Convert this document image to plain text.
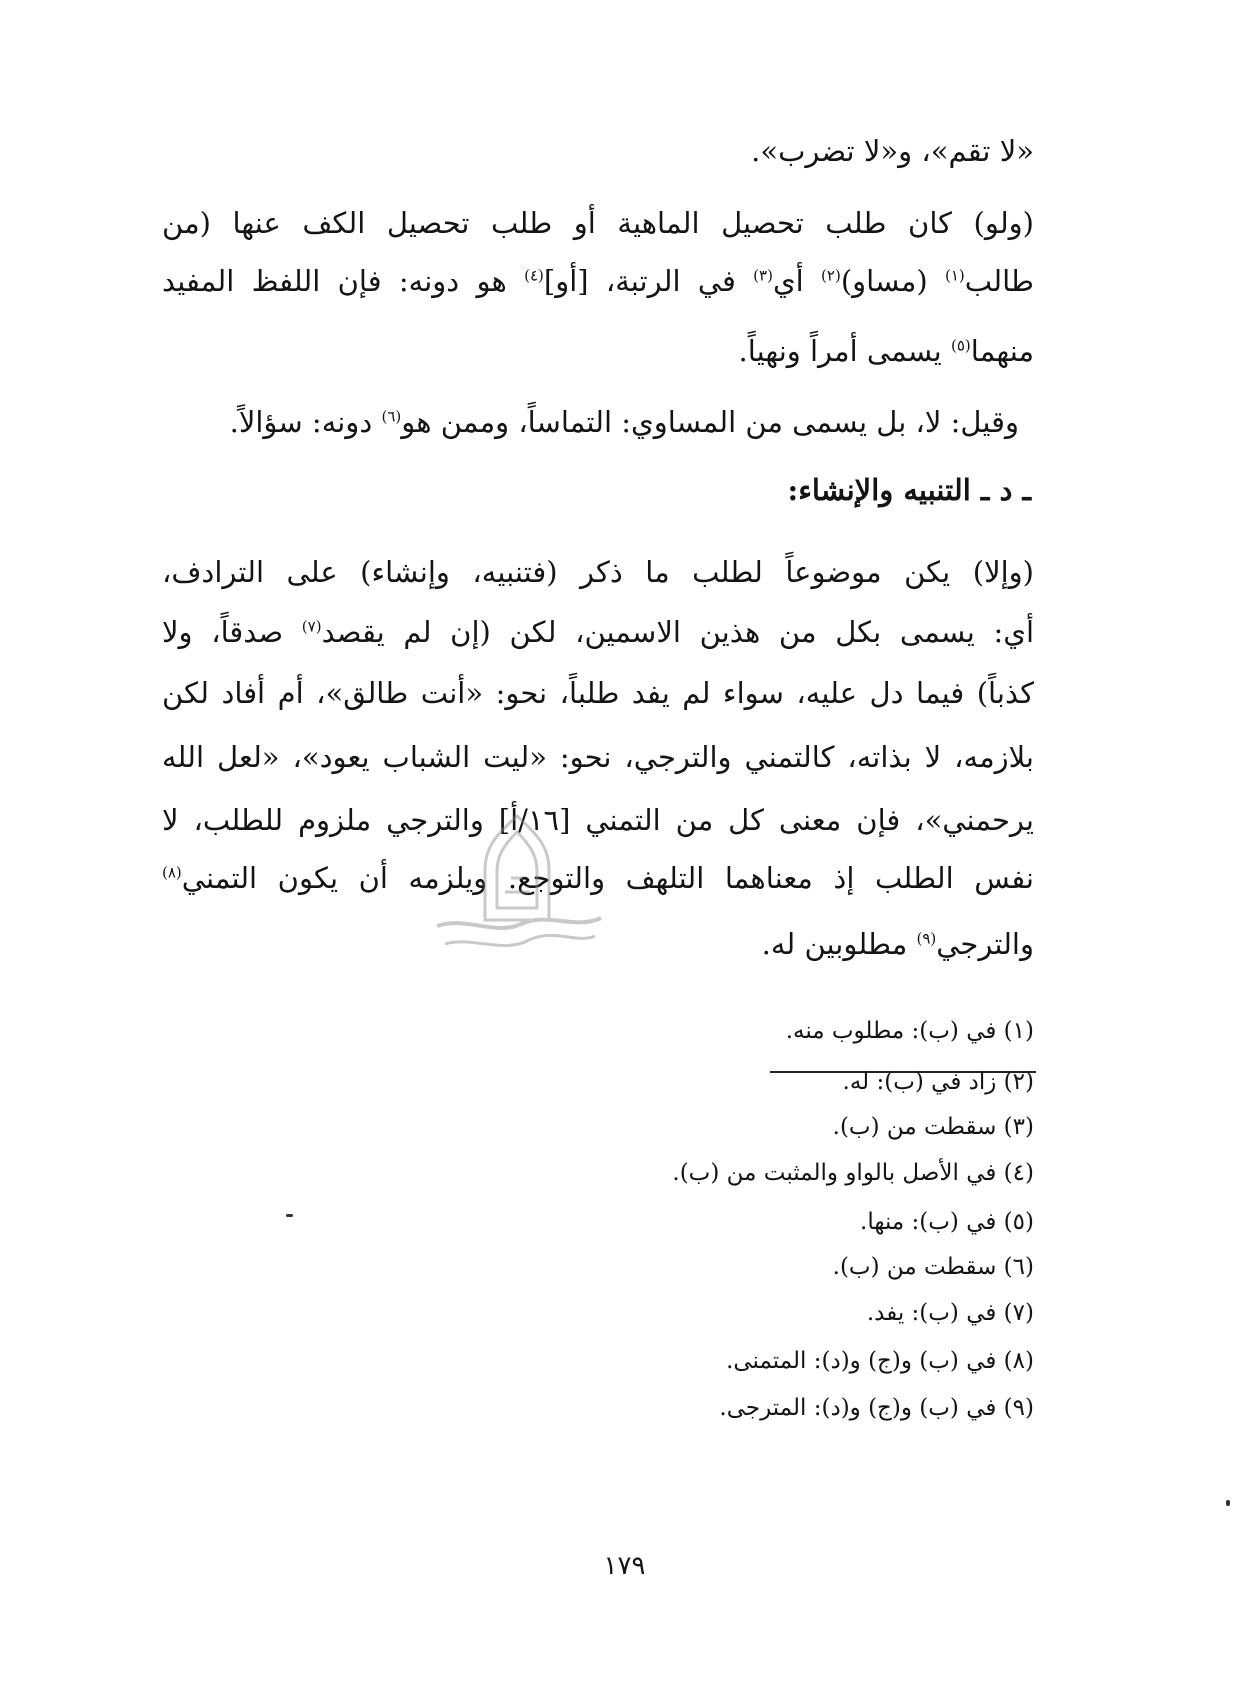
«لا تقم»، و«لا تضرب».
(ولو) كان طلب تحصيل الماهية أو طلب تحصيل الكف عنها (من
طالب$^{(١)}$ (مساو)$^{(٢)}$ أي$^{(٣)}$ في الرتبة، [أو]$^{(٤)}$ هو دونه: فإن اللفظ المفيد
منهما$^{(٥)}$ يسمى أمراً ونهياً.
وقيل: لا، بل يسمى من المساوي: التماساً، وممن هو$^{(٦)}$ دونه: سؤالاً.
ـ د ـ التنبيه والإنشاء:
(وإلا) يكن موضوعاً لطلب ما ذكر (فتنبيه، وإنشاء) على الترادف،
أي: يسمى بكل من هذين الاسمين، لكن (إن لم يقصد$^{(٧)}$ صدقاً، ولا
كذباً) فيما دل عليه، سواء لم يفد طلباً، نحو: «أنت طالق»، أم أفاد لكن
بلازمه، لا بذاته، كالتمني والترجي، نحو: «ليت الشباب يعود»، «لعل الله
يرحمني»، فإن معنى كل من التمني [١٦/أ] والترجي ملزوم للطلب، لا
نفس الطلب إذ معناهما التلهف والتوجع. ويلزمه أن يكون التمني$^{(٨)}$
والترجي$^{(٩)}$ مطلوبين له.
(١) في (ب): مطلوب منه.
(٢) زاد في (ب): له.
(٣) سقطت من (ب).
(٤) في الأصل بالواو والمثبت من (ب).
(٥) في (ب): منها.
(٦) سقطت من (ب).
(٧) في (ب): يفد.
(٨) في (ب) و(ج) و(د): المتمنى.
(٩) في (ب) و(ج) و(د): المترجى.
١٧٩
